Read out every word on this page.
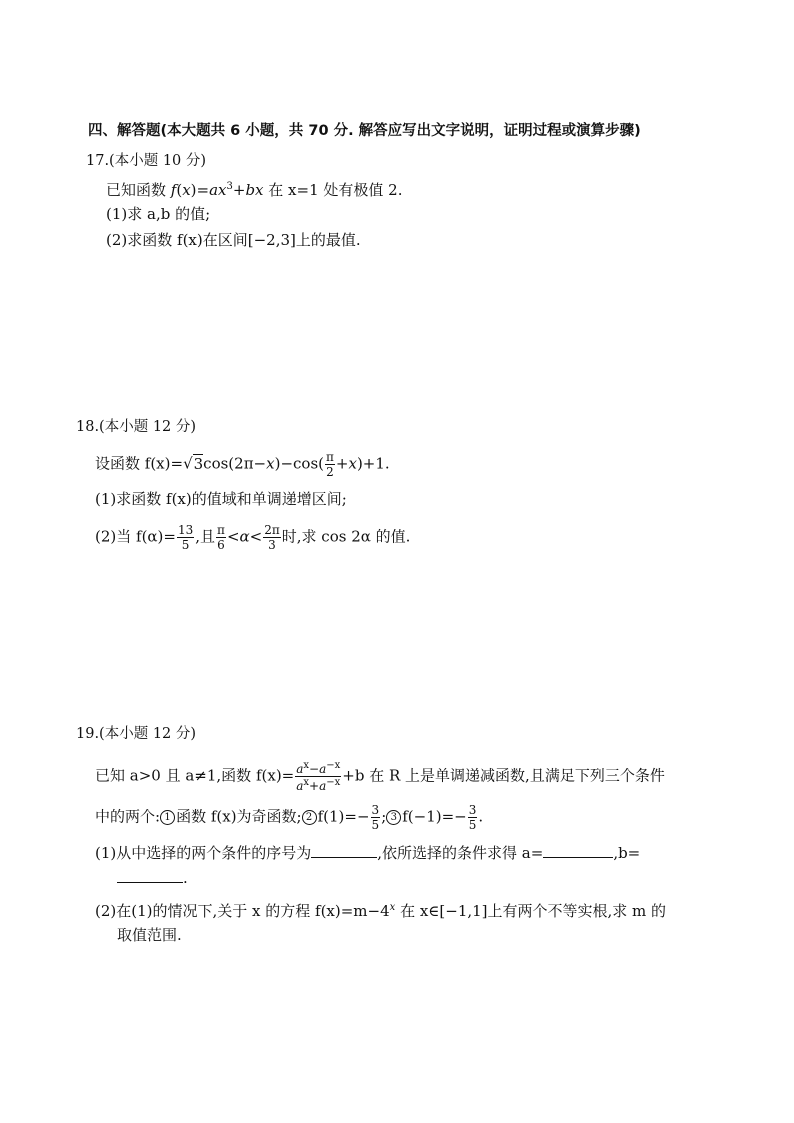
四、解答题(本大题共 6 小题，共 70 分. 解答应写出文字说明，证明过程或演算步骤)
17.(本小题 10 分)
已知函数 $f(x)=ax^3+bx$ 在 x=1 处有极值 2.
(1)求 a,b 的值;
(2)求函数 f(x)在区间[−2,3]上的最值.
18.(本小题 12 分)
设函数 $f(x)=√3\cos(2\pi-x)-\cos( \frac{\pi}{2} +x)+1$.
(1)求函数 f(x)的值域和单调递增区间;
(2)当 $f(\alpha)= \frac{13}{5}$ ,且 $\frac{\pi}{6} <\alpha< \frac{2\pi}{3}$ 时,求 cos 2α 的值.
19.(本小题 12 分)
已知 a>0 且 a≠1,函数 $f(x)= \frac{a^x-a^{-x}}{a^x+a^{-x}} +b$ 在 R 上是单调递减函数,且满足下列三个条件
中的两个: 1 函数 f(x)为奇函数; 2 $f(1)=- \frac{3}{5}$ ; 3 $f(-1)=- \frac{3}{5}$ .
(1)从中选择的两个条件的序号为	,依所选择的条件求得 a=	,b=
.
(2)在(1)的情况下,关于 x 的方程 $f(x)=m-4^x$ 在 x∈[−1,1]上有两个不等实根,求 m 的
取值范围.
